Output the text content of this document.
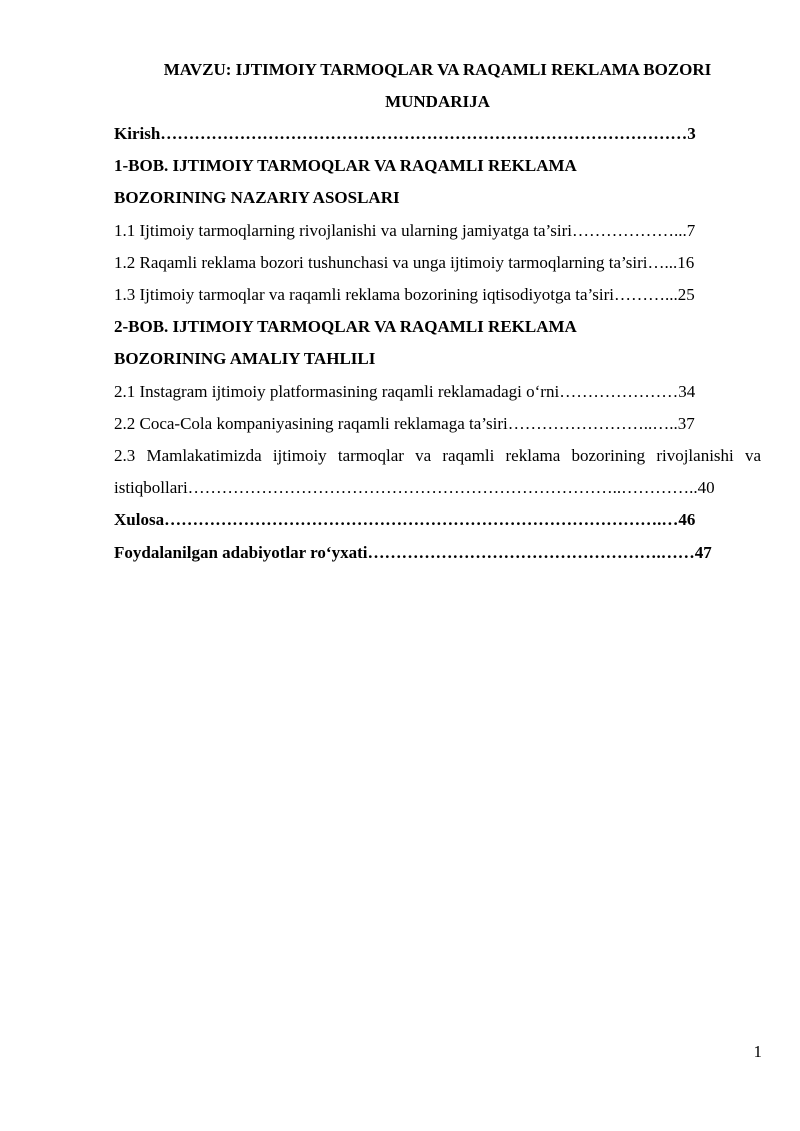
MAVZU: IJTIMOIY TARMOQLAR VA RAQAMLI REKLAMA BOZORI
MUNDARIJA
Kirish…………………………………………………………………………………3
1-BOB. IJTIMOIY TARMOQLAR VA RAQAMLI REKLAMA
BOZORINING NAZARIY ASOSLARI
1.1 Ijtimoiy tarmoqlarning rivojlanishi va ularning jamiyatga ta’siri………………...7
1.2 Raqamli reklama bozori tushunchasi va unga ijtimoiy tarmoqlarning ta’siri…...16
1.3 Ijtimoiy tarmoqlar va raqamli reklama bozorining iqtisodiyotga ta’siri………...25
2-BOB. IJTIMOIY TARMOQLAR VA RAQAMLI REKLAMA
BOZORINING AMALIY TAHLILI
2.1 Instagram ijtimoiy platformasining raqamli reklamadagi o‘rni…………………34
2.2 Coca-Cola kompaniyasining raqamli reklamaga ta’siri……………………..…..37
2.3 Mamlakatimizda ijtimoiy tarmoqlar va raqamli reklama bozorining rivojlanishi va
istiqbollari…………………………………………………………………..…………..40
Xulosa…………………………………………………………………………….…46
Foydalanilgan adabiyotlar ro‘yxati…………………………………………….……47
1
